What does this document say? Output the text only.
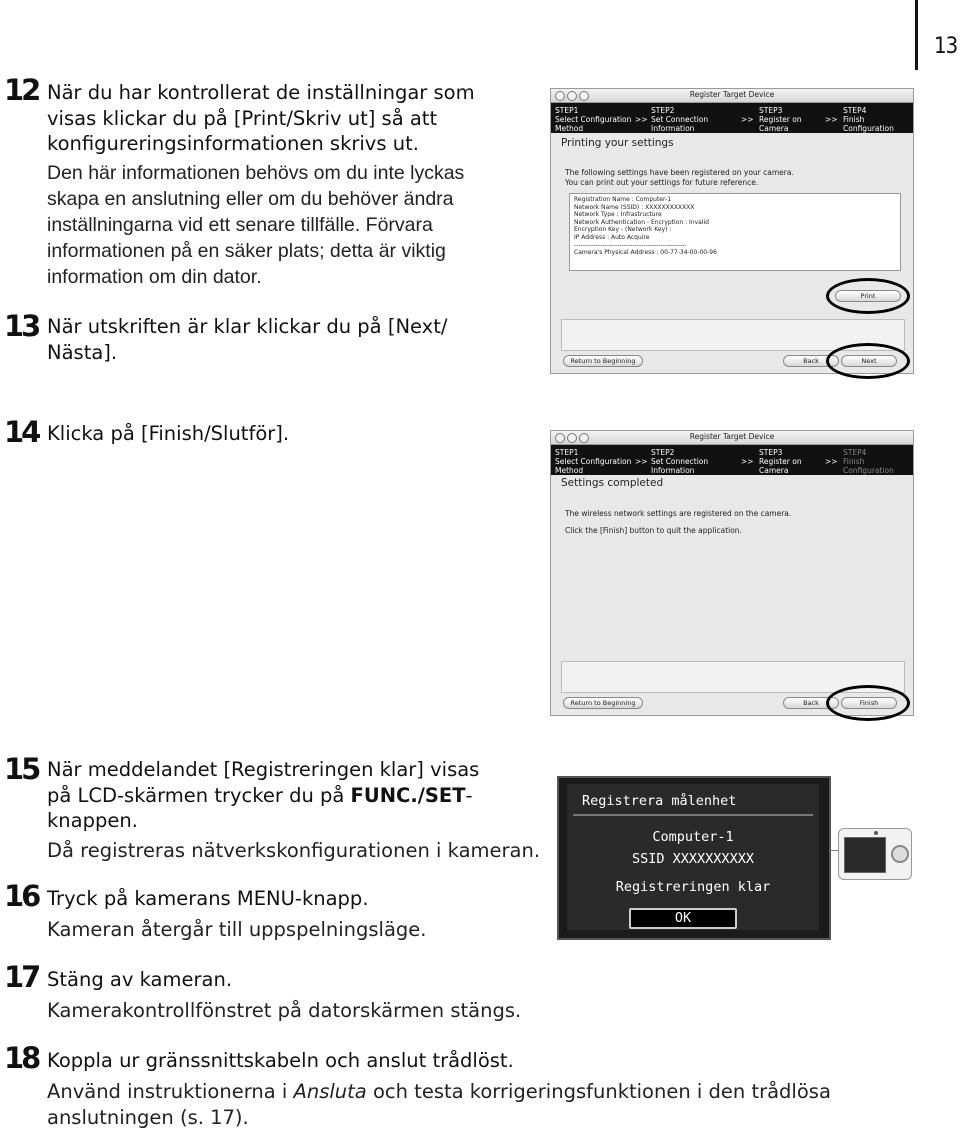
13
12 När du har kontrollerat de inställningar som
visas klickar du på [Print/Skriv ut] så att
konfigureringsinformationen skrivs ut.
Den här informationen behövs om du inte lyckas
skapa en anslutning eller om du behöver ändra
inställningarna vid ett senare tillfälle. Förvara
informationen på en säker plats; detta är viktig
information om din dator.
13 När utskriften är klar klickar du på [Next/
Nästa].
Register Target Device
STEP1
Select Configuration
Method
>>
STEP2
Set Connection
Information
>>
STEP3
Register on
Camera
>>
STEP4
Finish Configuration
Printing your settings
The following settings have been registered on your camera.
You can print out your settings for future reference.
Registration Name : Computer-1
Network Name (SSID) : XXXXXXXXXXXX
Network Type : Infrastructure
Network Authentication - Encryption : Invalid
Encryption Key - (Network Key) :
IP Address : Auto Acquire
----------------------------------------------------
Camera's Physical Address : 00-77-34-00-00-96
Print
Return to Beginning	Back	Next
14 Klicka på [Finish/Slutför].	Register Target Device
STEP1
Select Configuration
Method
>>
STEP2
Set Connection
Information
>>
STEP3
Register on
Camera
>>
STEP4
Finish Configuration
Settings completed
The wireless network settings are registered on the camera.
Click the [Finish] button to quit the application.
Return to Beginning	Back	Finish
15 När meddelandet [Registreringen klar] visas
på LCD-skärmen trycker du på FUNC./SET-
knappen.
Då registreras nätverkskonfigurationen i kameran.
Registrera målenhet
Computer-1
SSID XXXXXXXXXX
Registreringen klar
OK
16 Tryck på kamerans MENU-knapp.
Kameran återgår till uppspelningsläge.
17 Stäng av kameran.
Kamerakontrollfönstret på datorskärmen stängs.
18 Koppla ur gränssnittskabeln och anslut trådlöst.
Använd instruktionerna i Ansluta och testa korrigeringsfunktionen i den trådlösa
anslutningen (s. 17).
